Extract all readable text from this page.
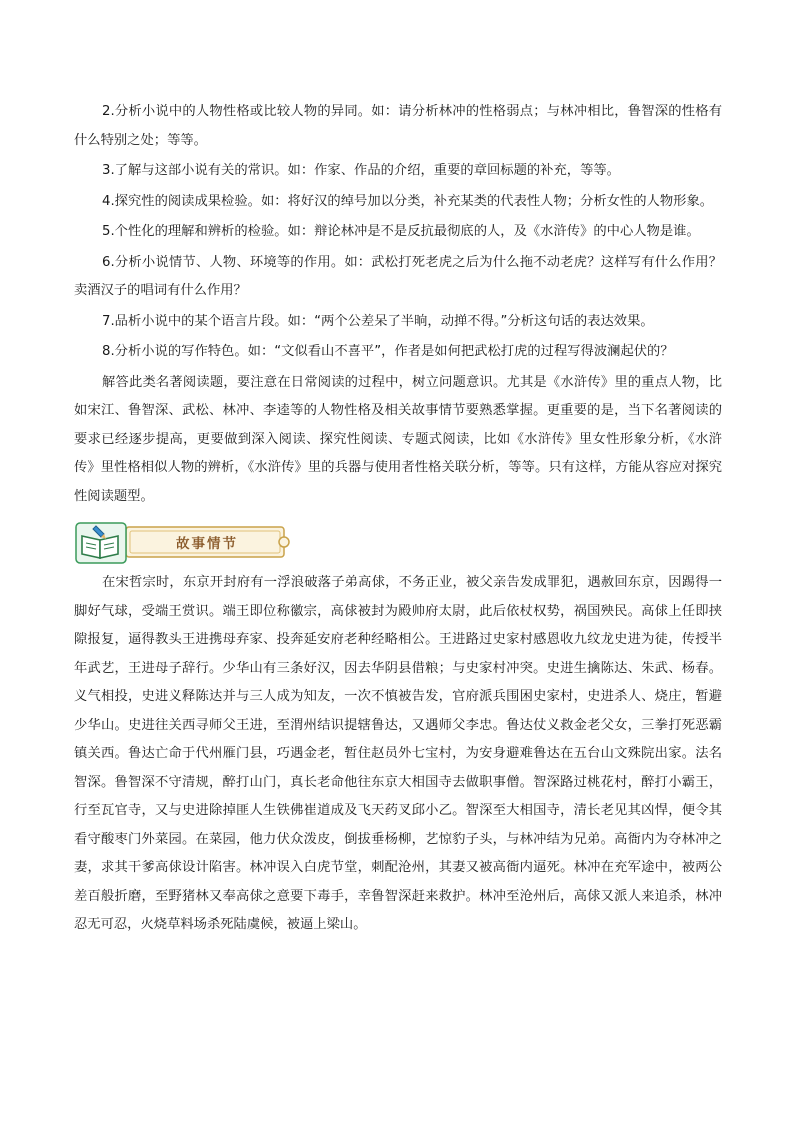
2.分析小说中的人物性格或比较人物的异同。如：请分析林冲的性格弱点；与林冲相比，鲁智深的性格有什么特别之处；等等。

3.了解与这部小说有关的常识。如：作家、作品的介绍，重要的章回标题的补充，等等。

4.探究性的阅读成果检验。如：将好汉的绰号加以分类，补充某类的代表性人物；分析女性的人物形象。

5.个性化的理解和辨析的检验。如：辩论林冲是不是反抗最彻底的人，及《水浒传》的中心人物是谁。

6.分析小说情节、人物、环境等的作用。如：武松打死老虎之后为什么拖不动老虎？这样写有什么作用？卖酒汉子的唱词有什么作用？

7.品析小说中的某个语言片段。如：“两个公差呆了半晌，动掸不得。”分析这句话的表达效果。

8.分析小说的写作特色。如：“文似看山不喜平”，作者是如何把武松打虎的过程写得波澜起伏的？

解答此类名著阅读题，要注意在日常阅读的过程中，树立问题意识。尤其是《水浒传》里的重点人物，比如宋江、鲁智深、武松、林冲、李逵等的人物性格及相关故事情节要熟悉掌握。更重要的是，当下名著阅读的要求已经逐步提高，更要做到深入阅读、探究性阅读、专题式阅读，比如《水浒传》里女性形象分析，《水浒传》里性格相似人物的辨析，《水浒传》里的兵器与使用者性格关联分析，等等。只有这样，方能从容应对探究性阅读题型。

故事情节

在宋哲宗时，东京开封府有一浮浪破落子弟高俅，不务正业，被父亲告发成罪犯，遇赦回东京，因踢得一脚好气球，受端王赏识。端王即位称徽宗，高俅被封为殿帅府太尉，此后依杖权势，祸国殃民。高俅上任即挟隙报复，逼得教头王进携母弃家、投奔延安府老种经略相公。王进路过史家村感恩收九纹龙史进为徒，传授半年武艺，王进母子辞行。少华山有三条好汉，因去华阴县借粮；与史家村冲突。史进生擒陈达、朱武、杨春。义气相投，史进义释陈达并与三人成为知友，一次不慎被告发，官府派兵围困史家村，史进杀人、烧庄，暂避少华山。史进往关西寻师父王进，至渭州结识提辖鲁达，又遇师父李忠。鲁达仗义救金老父女，三拳打死恶霸镇关西。鲁达亡命于代州雁门县，巧遇金老，暂住赵员外七宝村，为安身避难鲁达在五台山文殊院出家。法名智深。鲁智深不守清规，醉打山门，真长老命他往东京大相国寺去做职事僧。智深路过桃花村，醉打小霸王，行至瓦官寺，又与史进除掉匪人生铁佛崔道成及飞天药叉邱小乙。智深至大相国寺，清长老见其凶悍，便令其看守酸枣门外菜园。在菜园，他力伏众泼皮，倒拔垂杨柳，艺惊豹子头，与林冲结为兄弟。高衙内为夺林冲之妻，求其干爹高俅设计陷害。林冲误入白虎节堂，刺配沧州，其妻又被高衙内逼死。林冲在充军途中，被两公差百般折磨，至野猪林又奉高俅之意要下毒手，幸鲁智深赶来救护。林冲至沧州后，高俅又派人来追杀，林冲忍无可忍，火烧草料场杀死陆虞候，被逼上梁山。
